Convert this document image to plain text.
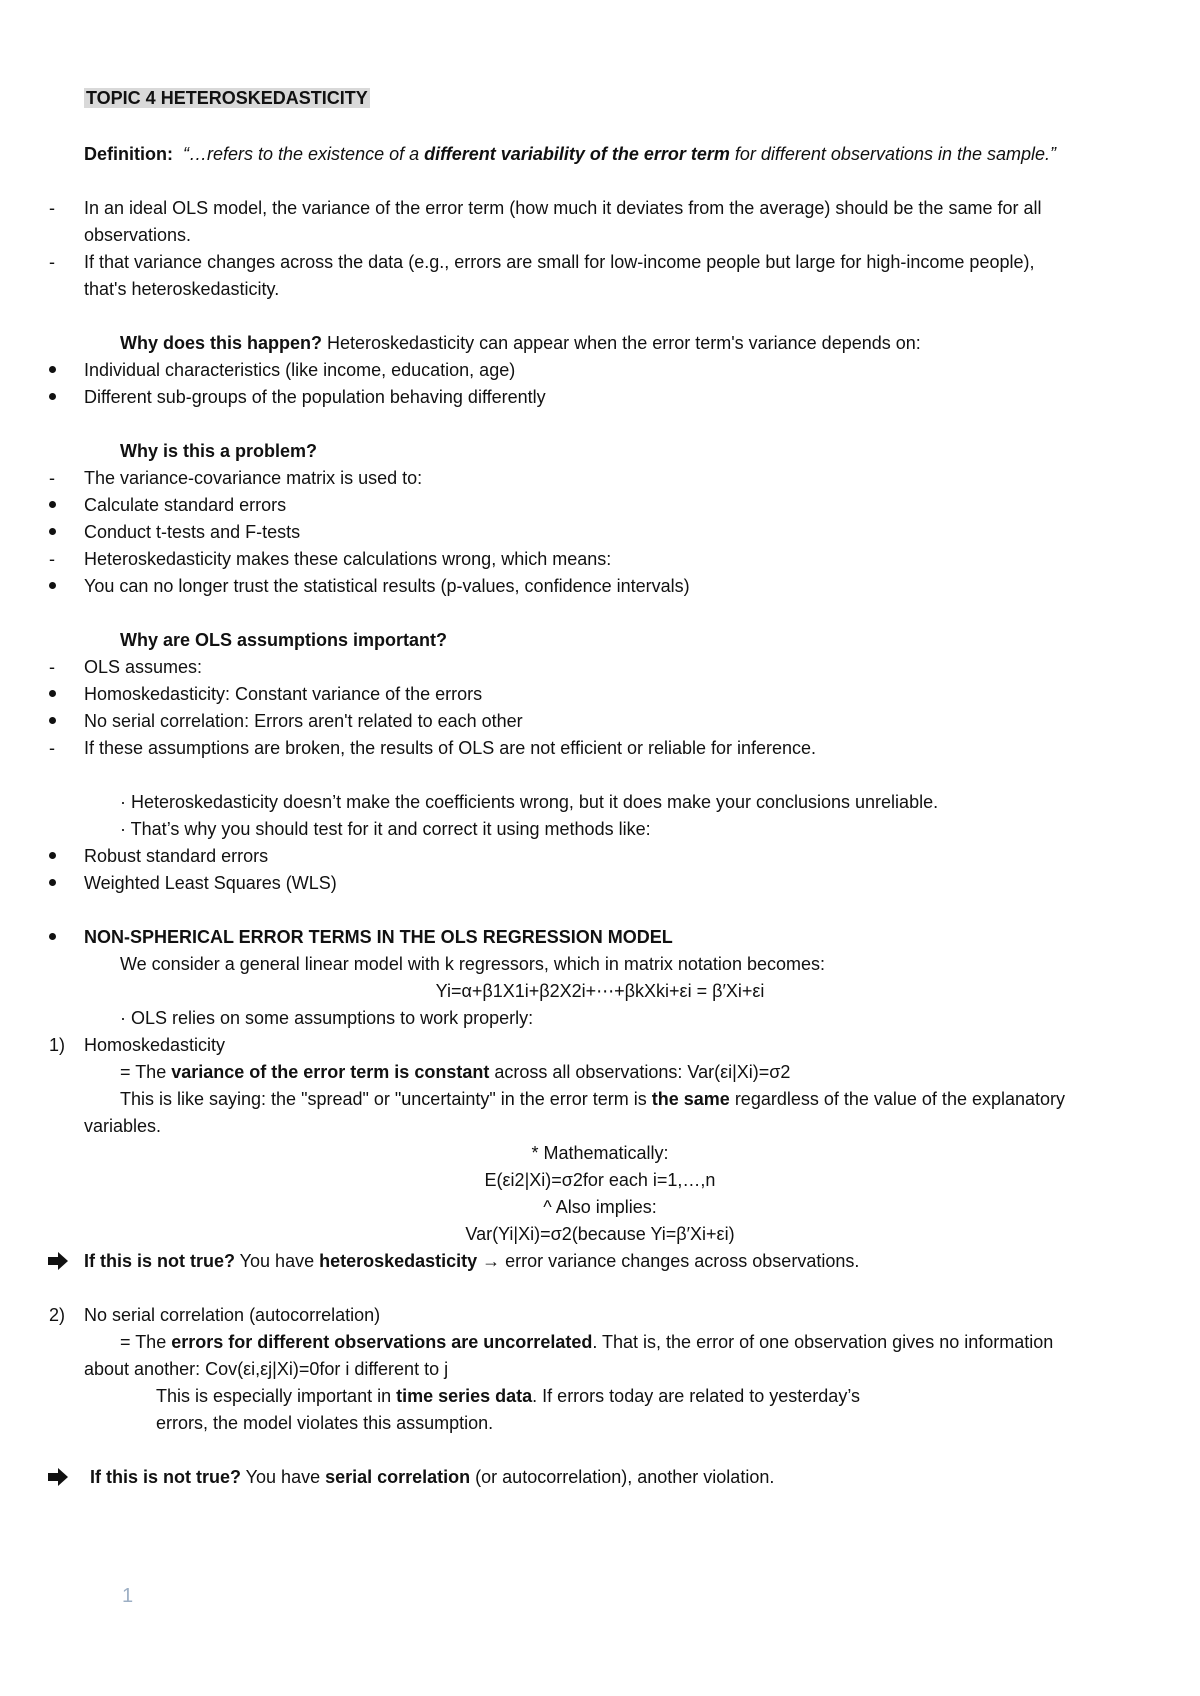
TOPIC 4 HETEROSKEDASTICITY
Definition: “…refers to the existence of a different variability of the error term for different observations in the sample.”
- In an ideal OLS model, the variance of the error term (how much it deviates from the average) should be the same for all
observations.
- If that variance changes across the data (e.g., errors are small for low-income people but large for high-income people),
that's heteroskedasticity.
Why does this happen? Heteroskedasticity can appear when the error term's variance depends on:
Individual characteristics (like income, education, age)
Different sub-groups of the population behaving differently
Why is this a problem?
- The variance-covariance matrix is used to:
Calculate standard errors
Conduct t-tests and F-tests
- Heteroskedasticity makes these calculations wrong, which means:
You can no longer trust the statistical results (p-values, confidence intervals)
Why are OLS assumptions important?
- OLS assumes:
Homoskedasticity: Constant variance of the errors
No serial correlation: Errors aren't related to each other
- If these assumptions are broken, the results of OLS are not efficient or reliable for inference.
· Heteroskedasticity doesn’t make the coefficients wrong, but it does make your conclusions unreliable.
· That’s why you should test for it and correct it using methods like:
Robust standard errors
Weighted Least Squares (WLS)
NON-SPHERICAL ERROR TERMS IN THE OLS REGRESSION MODEL
We consider a general linear model with k regressors, which in matrix notation becomes:
Yi=α+β1X1i+β2X2i+⋯+βkXki+εi = β′Xi+εi
· OLS relies on some assumptions to work properly:
1) Homoskedasticity
= The variance of the error term is constant across all observations: Var(εi|Xi)=σ2
This is like saying: the "spread" or "uncertainty" in the error term is the same regardless of the value of the explanatory
variables.
* Mathematically:
E(εi2|Xi)=σ2for each i=1,…,n
^ Also implies:
Var(Yi|Xi)=σ2(because Yi=β′Xi+εi)
If this is not true? You have heteroskedasticity → error variance changes across observations.
2) No serial correlation (autocorrelation)
= The errors for different observations are uncorrelated. That is, the error of one observation gives no information
about another: Cov(εi,εj|Xi)=0for i different to j
This is especially important in time series data. If errors today are related to yesterday’s
errors, the model violates this assumption.
If this is not true? You have serial correlation (or autocorrelation), another violation.
1
